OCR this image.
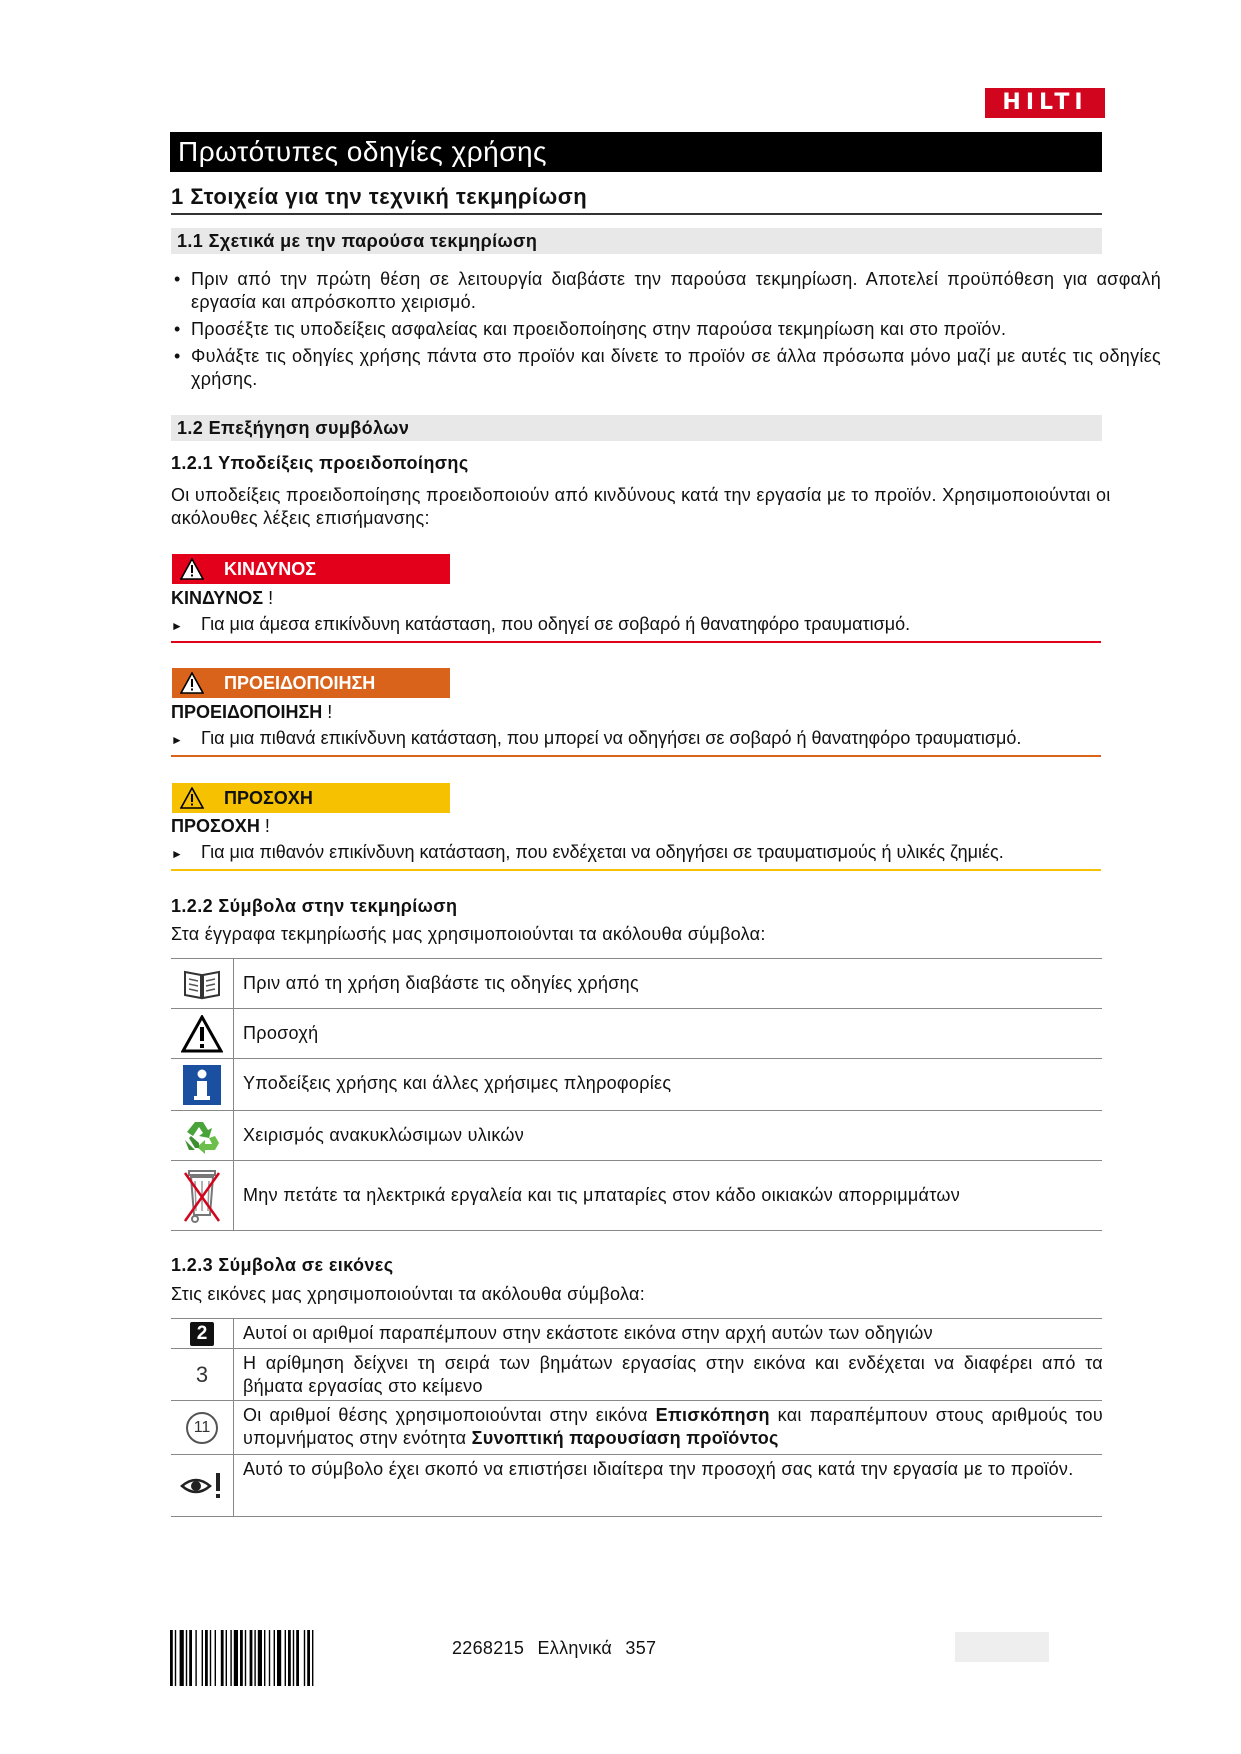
HILTI
Πρωτότυπες οδηγίες χρήσης
1 Στοιχεία για την τεχνική τεκμηρίωση
1.1 Σχετικά με την παρούσα τεκμηρίωση
• Πριν από την πρώτη θέση σε λειτουργία διαβάστε την παρούσα τεκμηρίωση. Αποτελεί προϋπόθεση για ασφαλή εργασία και απρόσκοπτο χειρισμό.
• Προσέξτε τις υποδείξεις ασφαλείας και προειδοποίησης στην παρούσα τεκμηρίωση και στο προϊόν.
• Φυλάξτε τις οδηγίες χρήσης πάντα στο προϊόν και δίνετε το προϊόν σε άλλα πρόσωπα μόνο μαζί με αυτές τις οδηγίες χρήσης.
1.2 Επεξήγηση συμβόλων
1.2.1 Υποδείξεις προειδοποίησης
Οι υποδείξεις προειδοποίησης προειδοποιούν από κινδύνους κατά την εργασία με το προϊόν. Χρησιμοποιούνται οι ακόλουθες λέξεις επισήμανσης:
ΚΙΝΔΥΝΟΣ
ΚΙΝΔΥΝΟΣ !
► Για μια άμεσα επικίνδυνη κατάσταση, που οδηγεί σε σοβαρό ή θανατηφόρο τραυματισμό.
ΠΡΟΕΙΔΟΠΟΙΗΣΗ
ΠΡΟΕΙΔΟΠΟΙΗΣΗ !
► Για μια πιθανά επικίνδυνη κατάσταση, που μπορεί να οδηγήσει σε σοβαρό ή θανατηφόρο τραυματισμό.
ΠΡΟΣΟΧΗ
ΠΡΟΣΟΧΗ !
► Για μια πιθανόν επικίνδυνη κατάσταση, που ενδέχεται να οδηγήσει σε τραυματισμούς ή υλικές ζημιές.
1.2.2 Σύμβολα στην τεκμηρίωση
Στα έγγραφα τεκμηρίωσής μας χρησιμοποιούνται τα ακόλουθα σύμβολα:
Πριν από τη χρήση διαβάστε τις οδηγίες χρήσης
Προσοχή
Υποδείξεις χρήσης και άλλες χρήσιμες πληροφορίες
Χειρισμός ανακυκλώσιμων υλικών
Μην πετάτε τα ηλεκτρικά εργαλεία και τις μπαταρίες στον κάδο οικιακών απορριμμάτων
1.2.3 Σύμβολα σε εικόνες
Στις εικόνες μας χρησιμοποιούνται τα ακόλουθα σύμβολα:
2	Αυτοί οι αριθμοί παραπέμπουν στην εκάστοτε εικόνα στην αρχή αυτών των οδηγιών
3 Η αρίθμηση δείχνει τη σειρά των βημάτων εργασίας στην εικόνα και ενδέχεται να διαφέρει από τα βήματα εργασίας στο κείμενο
11
Οι αριθμοί θέσης χρησιμοποιούνται στην εικόνα Επισκόπηση και παραπέμπουν στους αριθμούς του υπομνήματος στην ενότητα Συνοπτική παρουσίαση προϊόντος
Αυτό το σύμβολο έχει σκοπό να επιστήσει ιδιαίτερα την προσοχή σας κατά την εργασία με το προϊόν.
2268215 Ελληνικά 357
